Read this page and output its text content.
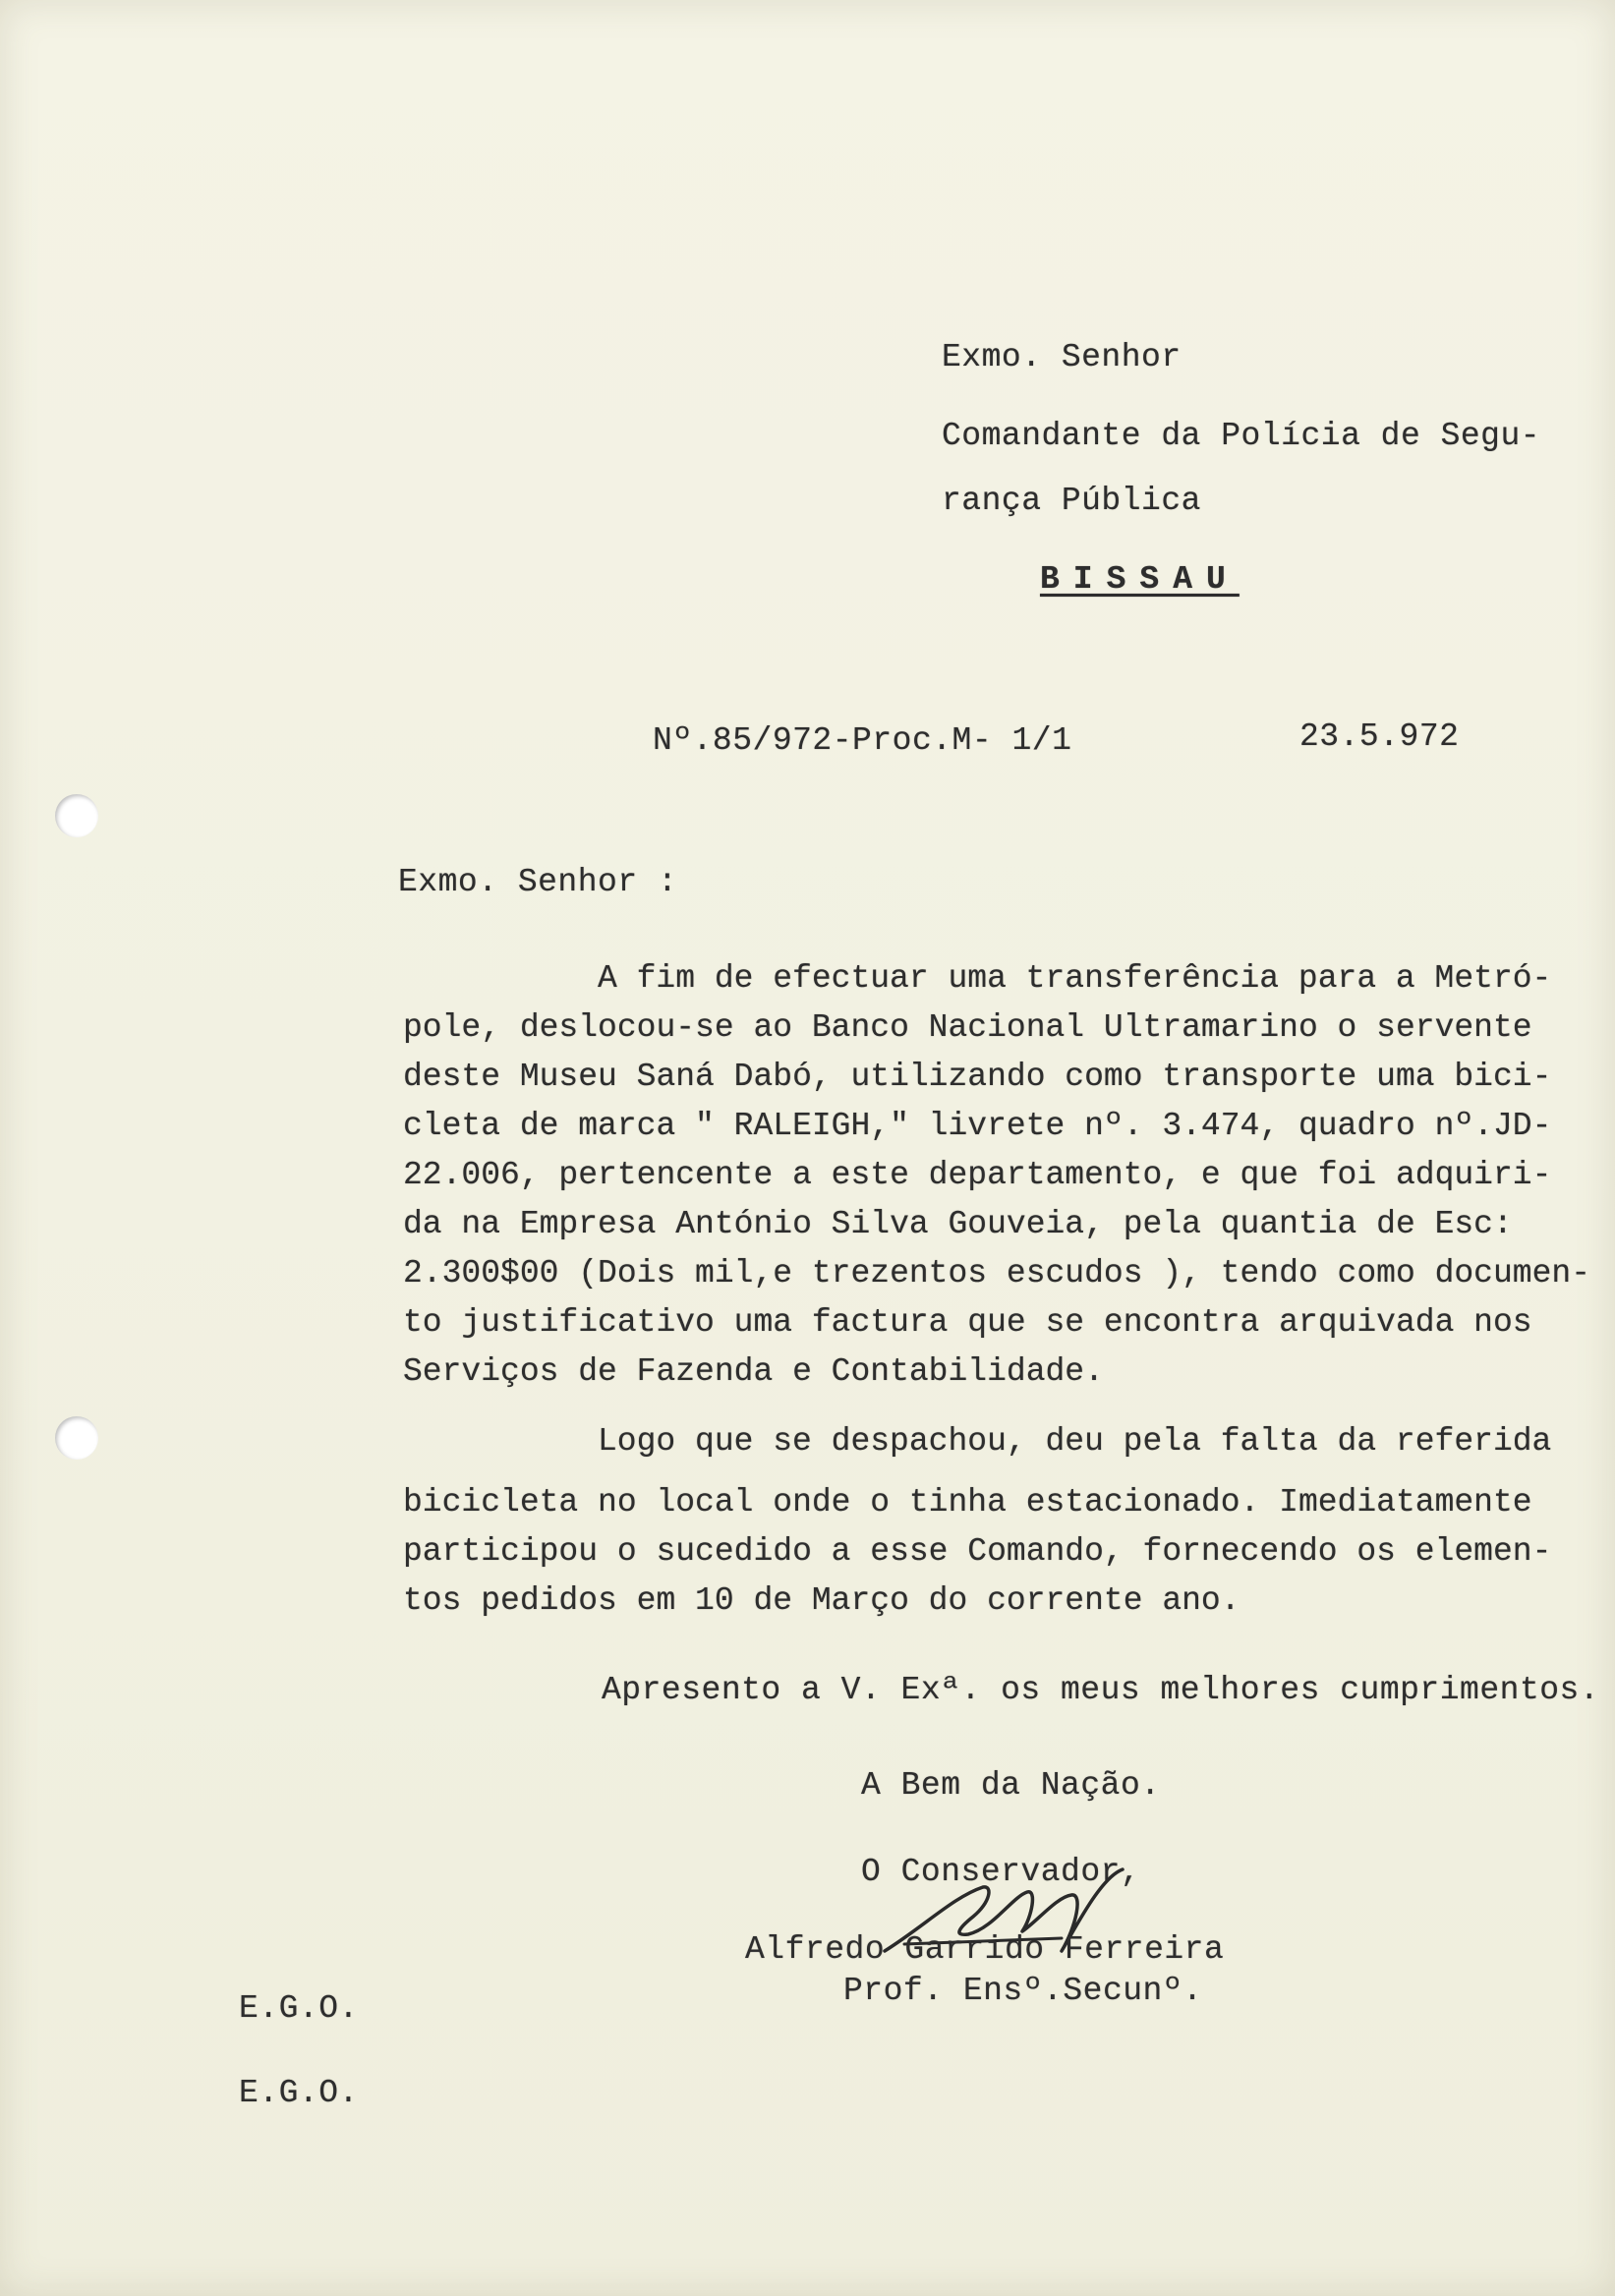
Exmo. Senhor
Comandante da Polícia de Segu-
rança Pública
BISSAU
Nº.85/972-Proc.M- 1/1	23.5.972
Exmo. Senhor :
A fim de efectuar uma transferência para a Metró-
pole, deslocou-se ao Banco Nacional Ultramarino o servente
deste Museu Saná Dabó, utilizando como transporte uma bici-
cleta de marca " RALEIGH," livrete nº. 3.474, quadro nº.JD-
22.006, pertencente a este departamento, e que foi adquiri-
da na Empresa António Silva Gouveia, pela quantia de Esc:
2.300$00 (Dois mil,e trezentos escudos ), tendo como documen-
to justificativo uma factura que se encontra arquivada nos
Serviços de Fazenda e Contabilidade.
Logo que se despachou, deu pela falta da referida
bicicleta no local onde o tinha estacionado. Imediatamente
participou o sucedido a esse Comando, fornecendo os elemen-
tos pedidos em 10 de Março do corrente ano.
Apresento a V. Exª. os meus melhores cumprimentos.
A Bem da Nação.
O Conservador,
Alfredo Garrido Ferreira
Prof. Ensº.Secunº.
E.G.O.
E.G.O.
